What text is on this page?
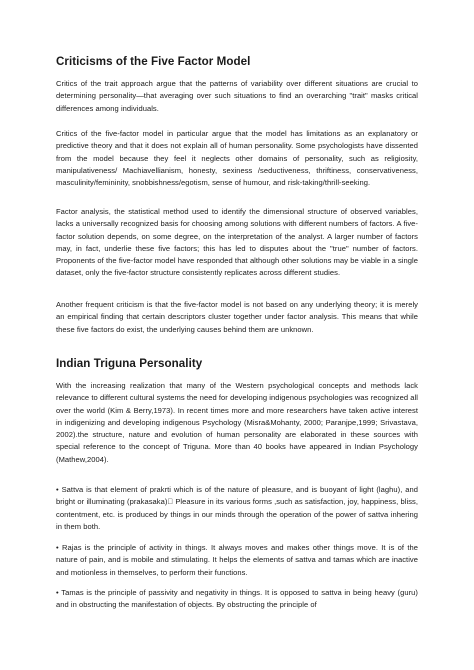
Criticisms of the Five Factor Model
Critics of the trait approach argue that the patterns of variability over different situations are crucial to determining personality—that averaging over such situations to find an overarching "trait" masks critical differences among individuals.
Critics of the five-factor model in particular argue that the model has limitations as an explanatory or predictive theory and that it does not explain all of human personality. Some psychologists have dissented from the model because they feel it neglects other domains of personality, such as religiosity, manipulativeness/ Machiavellianism, honesty, sexiness /seductiveness, thriftiness, conservativeness, masculinity/femininity, snobbishness/egotism, sense of humour, and risk-taking/thrill-seeking.
Factor analysis, the statistical method used to identify the dimensional structure of observed variables, lacks a universally recognized basis for choosing among solutions with different numbers of factors. A five-factor solution depends, on some degree, on the interpretation of the analyst. A larger number of factors may, in fact, underlie these five factors; this has led to disputes about the "true" number of factors. Proponents of the five-factor model have responded that although other solutions may be viable in a single dataset, only the five-factor structure consistently replicates across different studies.
Another frequent criticism is that the five-factor model is not based on any underlying theory; it is merely an empirical finding that certain descriptors cluster together under factor analysis. This means that while these five factors do exist, the underlying causes behind them are unknown.
Indian Triguna Personality
With the increasing realization that many of the Western psychological concepts and methods lack relevance to different cultural systems the need for developing indigenous psychologies was recognized all over the world (Kim & Berry,1973). In recent times more and more researchers have taken active interest in indigenizing and developing indigenous Psychology (Misra&Mohanty, 2000; Paranjpe,1999; Srivastava, 2002).the structure, nature and evolution of human personality are elaborated in these sources with special reference to the concept of Triguna. More than 40 books have appeared in Indian Psychology (Mathew,2004).
• Sattva is that element of prakrti which is of the nature of pleasure, and is buoyant of light (laghu), and bright or illuminating (prakasaka)  Pleasure in its various forms ,such as satisfaction, joy, happiness, bliss, contentment, etc. is produced by things in our minds through the operation of the power of sattva inhering in them both.
• Rajas is the principle of activity in things. It always moves and makes other things move. It is of the nature of pain, and is mobile and stimulating. It helps the elements of sattva and tamas which are inactive and motionless in themselves, to perform their functions.
• Tamas is the principle of passivity and negativity in things. It is opposed to sattva in being heavy (guru) and in obstructing the manifestation of objects. By obstructing the principle of
